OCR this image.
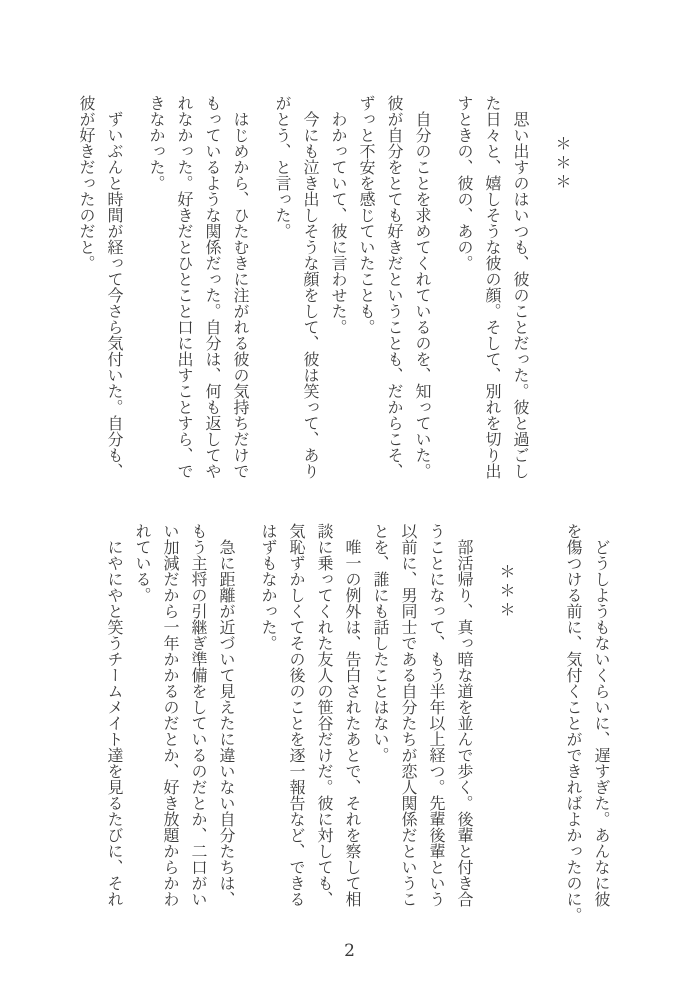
＊＊＊

思い出すのはいつも、彼のことだった。彼と過ごし
た日々と、嬉しそうな彼の顔。そして、別れを切り出
すときの、彼の、あの。

自分のことを求めてくれているのを、知っていた。
彼が自分をとても好きだということも、だからこそ、
ずっと不安を感じていたことも。

わかっていて、彼に言わせた。

今にも泣き出しそうな顔をして、彼は笑って、あり
がとう、と言った。

はじめから、ひたむきに注がれる彼の気持ちだけで
もっているような関係だった。自分は、何も返してや
れなかった。好きだとひとこと口に出すことすら、で
きなかった。

ずいぶんと時間が経って今さら気付いた。自分も、
彼が好きだったのだと。

どうしようもないくらいに、遅すぎた。あんなに彼
を傷つける前に、気付くことができればよかったのに。

＊＊＊

部活帰り、真っ暗な道を並んで歩く。後輩と付き合
うことになって、もう半年以上経つ。先輩後輩という
以前に、男同士である自分たちが恋人関係だというこ
とを、誰にも話したことはない。

唯一の例外は、告白されたあとで、それを察して相
談に乗ってくれた友人の笹谷だけだ。彼に対しても、
気恥ずかしくてその後のことを逐一報告など、できる
はずもなかった。

急に距離が近づいて見えたに違いない自分たちは、
もう主将の引継ぎ準備をしているのだとか、二口がい
い加減だから一年かかるのだとか、好き放題からかわ
れている。

にやにやと笑うチームメイト達を見るたびに、それ

2
